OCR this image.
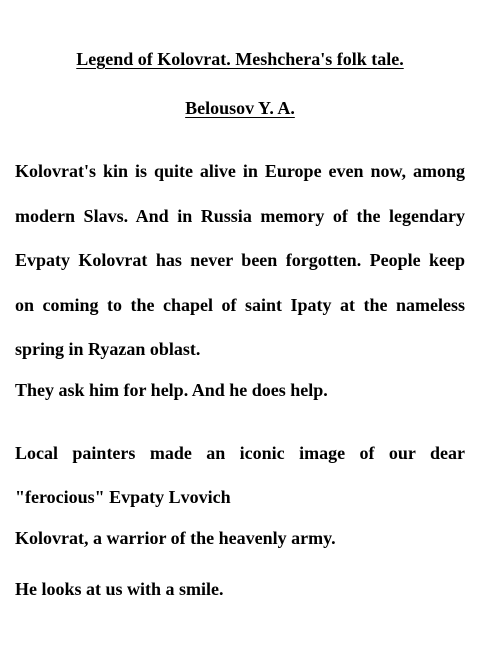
Legend of Kolovrat. Meshchera's folk tale.
Belousov Y. A.

Kolovrat's kin is quite alive in Europe even now, among
modern Slavs. And in Russia memory of the legendary
Evpaty Kolovrat has never been forgotten. People keep
on coming to the chapel of saint Ipaty at the nameless
spring in Ryazan oblast.

They ask him for help. And he does help.

Local painters made an iconic image of our dear
"ferocious" Evpaty Lvovich

Kolovrat, a warrior of the heavenly army.

He looks at us with a smile.
